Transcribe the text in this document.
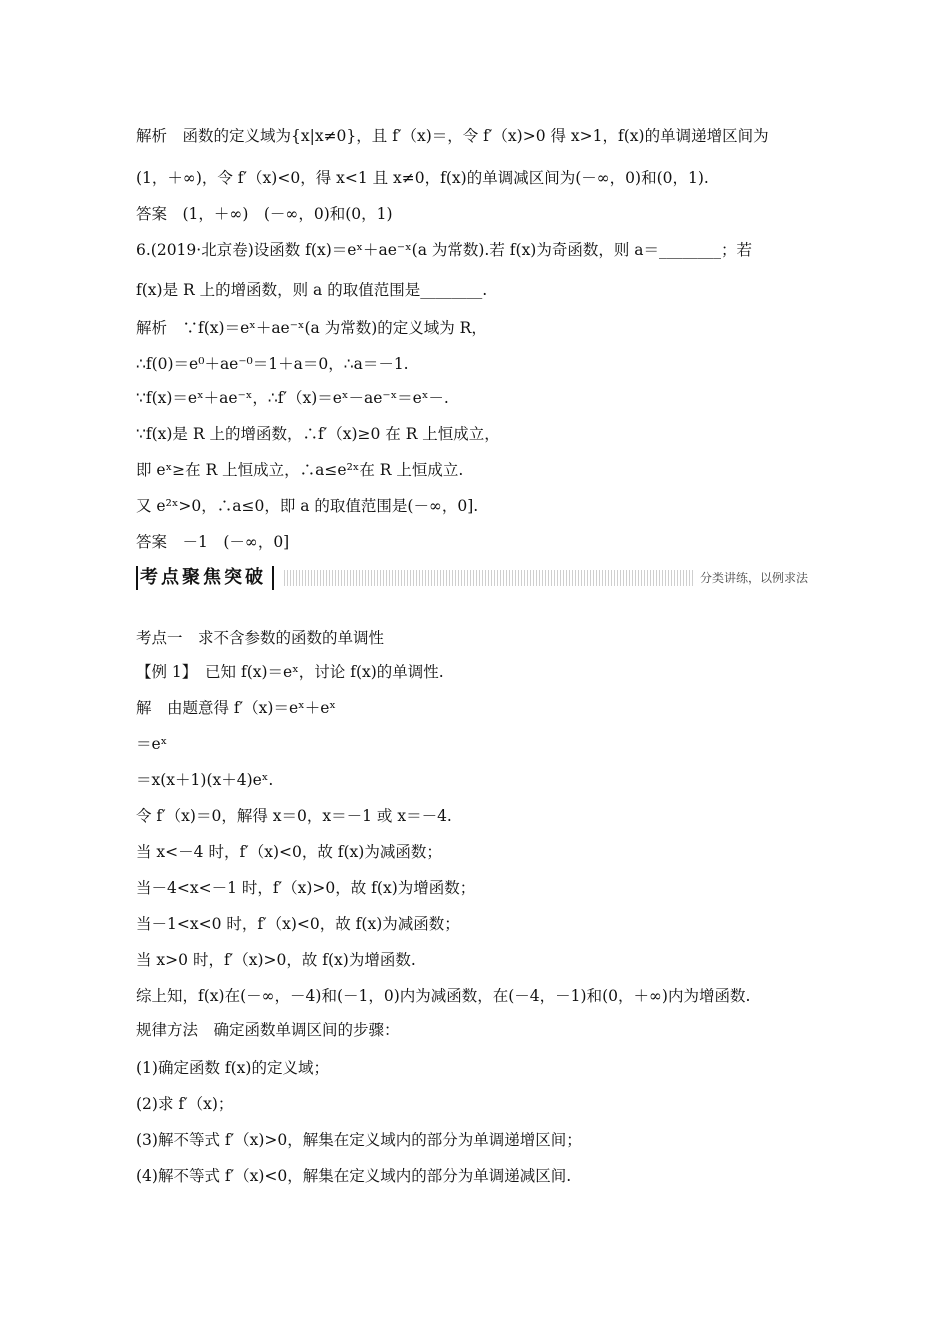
解析　函数的定义域为{x|x≠0}，且 f′（x)＝，令 f′（x)>0 得 x>1，f(x)的单调递增区间为
(1，＋∞)，令 f′（x)<0，得 x<1 且 x≠0，f(x)的单调减区间为(－∞，0)和(0，1).
答案　(1，＋∞)　(－∞，0)和(0，1)
6.(2019·北京卷)设函数 f(x)＝eˣ＋ae⁻ˣ(a 为常数).若 f(x)为奇函数，则 a＝________；若
f(x)是 R 上的增函数，则 a 的取值范围是________.
解析　∵f(x)＝eˣ＋ae⁻ˣ(a 为常数)的定义域为 R，
∴f(0)＝e⁰＋ae⁻⁰＝1＋a＝0，∴a＝－1.
∵f(x)＝eˣ＋ae⁻ˣ，∴f′（x)＝eˣ－ae⁻ˣ＝eˣ－.
∵f(x)是 R 上的增函数，∴f′（x)≥0 在 R 上恒成立，
即 eˣ≥在 R 上恒成立，∴a≤e²ˣ在 R 上恒成立.
又 e²ˣ>0，∴a≤0，即 a 的取值范围是(－∞，0].
答案　－1　(－∞，0]
考点聚焦突破	分类讲练，以例求法
考点一　求不含参数的函数的单调性
【例 1】　已知 f(x)＝eˣ，讨论 f(x)的单调性.
解　由题意得 f′（x)＝eˣ＋eˣ
＝eˣ
＝x(x＋1)(x＋4)eˣ.
令 f′（x)＝0，解得 x＝0，x＝－1 或 x＝－4.
当 x<－4 时，f′（x)<0，故 f(x)为减函数；
当－4<x<－1 时，f′（x)>0，故 f(x)为增函数；
当－1<x<0 时，f′（x)<0，故 f(x)为减函数；
当 x>0 时，f′（x)>0，故 f(x)为增函数.
综上知，f(x)在(－∞，－4)和(－1，0)内为减函数，在(－4，－1)和(0，＋∞)内为增函数.
规律方法　确定函数单调区间的步骤：
(1)确定函数 f(x)的定义域；
(2)求 f′（x)；
(3)解不等式 f′（x)>0，解集在定义域内的部分为单调递增区间；
(4)解不等式 f′（x)<0，解集在定义域内的部分为单调递减区间.
